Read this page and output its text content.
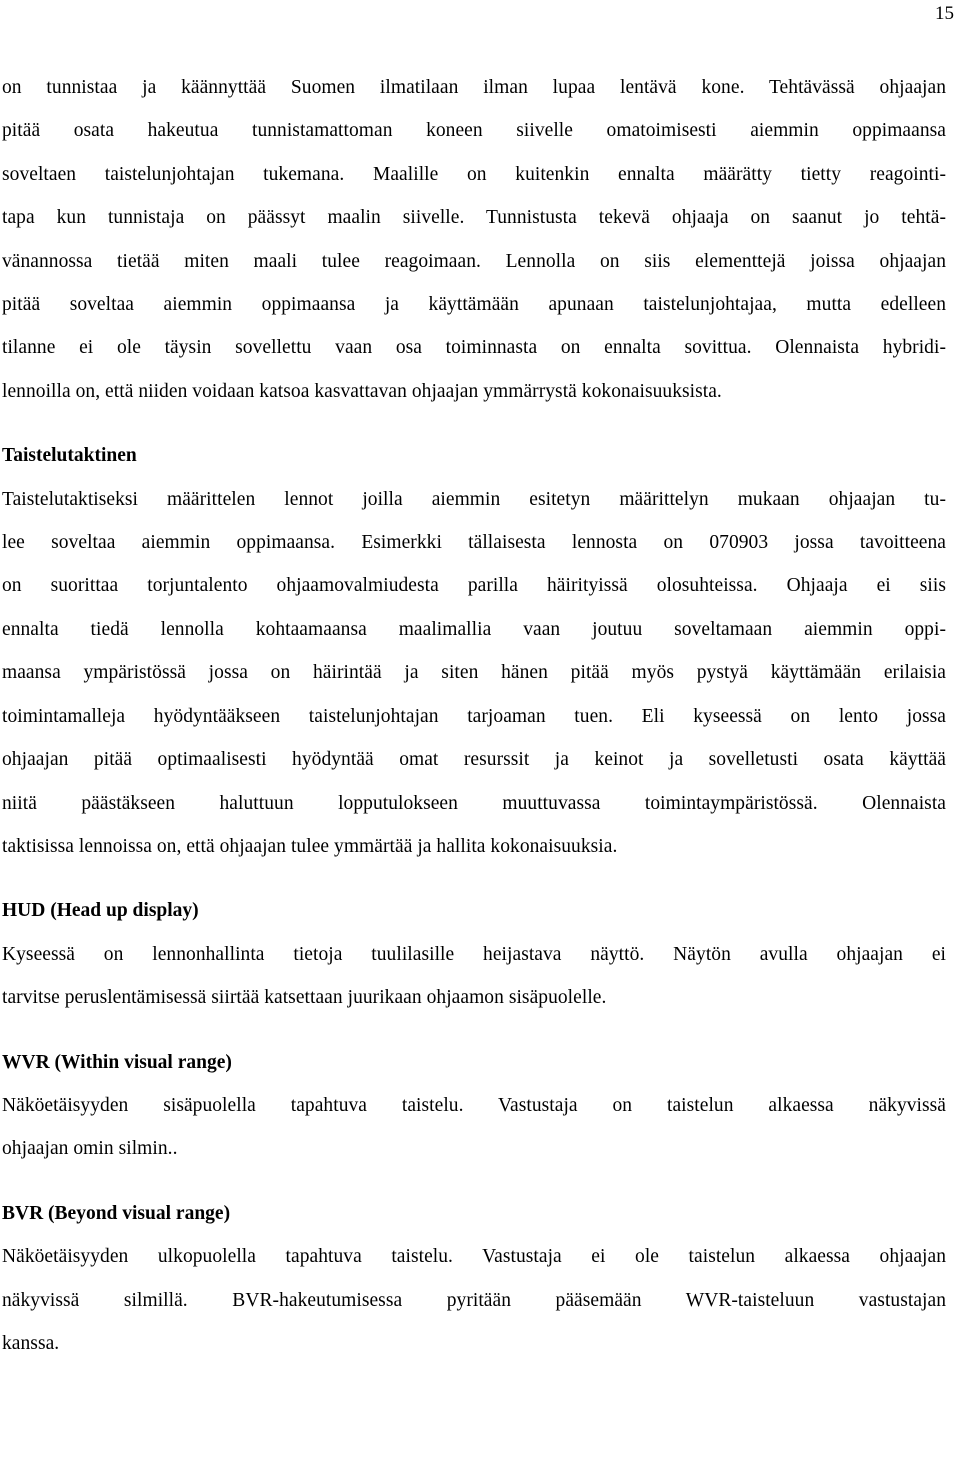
15

on tunnistaa ja käännyttää Suomen ilmatilaan ilman lupaa lentävä kone. Tehtävässä ohjaajan
pitää osata hakeutua tunnistamattoman koneen siivelle omatoimisesti aiemmin oppimaansa
soveltaen taistelunjohtajan tukemana. Maalille on kuitenkin ennalta määrätty tietty reagointi-
tapa kun tunnistaja on päässyt maalin siivelle. Tunnistusta tekevä ohjaaja on saanut jo tehtä-
vänannossa tietää miten maali tulee reagoimaan. Lennolla on siis elementtejä joissa ohjaajan
pitää soveltaa aiemmin oppimaansa ja käyttämään apunaan taistelunjohtajaa, mutta edelleen
tilanne ei ole täysin sovellettu vaan osa toiminnasta on ennalta sovittua. Olennaista hybridi-
lennoilla on, että niiden voidaan katsoa kasvattavan ohjaajan ymmärrystä kokonaisuuksista.

Taistelutaktinen

Taistelutaktiseksi määrittelen lennot joilla aiemmin esitetyn määrittelyn mukaan ohjaajan tu-
lee soveltaa aiemmin oppimaansa. Esimerkki tällaisesta lennosta on 070903 jossa tavoitteena
on suorittaa torjuntalento ohjaamovalmiudesta parilla häirityissä olosuhteissa. Ohjaaja ei siis
ennalta tiedä lennolla kohtaamaansa maalimallia vaan joutuu soveltamaan aiemmin oppi-
maansa ympäristössä jossa on häirintää ja siten hänen pitää myös pystyä käyttämään erilaisia
toimintamalleja hyödyntääkseen taistelunjohtajan tarjoaman tuen. Eli kyseessä on lento jossa
ohjaajan pitää optimaalisesti hyödyntää omat resurssit ja keinot ja sovelletusti osata käyttää
niitä päästäkseen haluttuun lopputulokseen muuttuvassa toimintaympäristössä. Olennaista
taktisissa lennoissa on, että ohjaajan tulee ymmärtää ja hallita kokonaisuuksia.

HUD (Head up display)

Kyseessä on lennonhallinta tietoja tuulilasille heijastava näyttö. Näytön avulla ohjaajan ei
tarvitse peruslentämisessä siirtää katsettaan juurikaan ohjaamon sisäpuolelle.

WVR (Within visual range)

Näköetäisyyden sisäpuolella tapahtuva taistelu. Vastustaja on taistelun alkaessa näkyvissä
ohjaajan omin silmin..

BVR (Beyond visual range)

Näköetäisyyden ulkopuolella tapahtuva taistelu. Vastustaja ei ole taistelun alkaessa ohjaajan
näkyvissä silmillä. BVR-hakeutumisessa pyritään pääsemään WVR-taisteluun vastustajan
kanssa.
